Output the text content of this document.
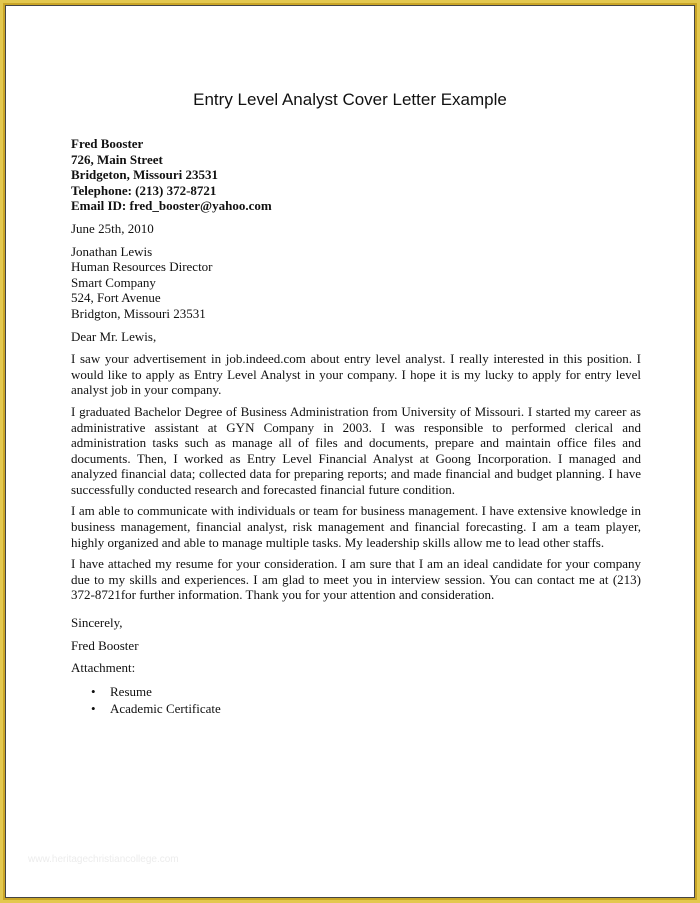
Entry Level Analyst Cover Letter Example
Fred Booster
726, Main Street
Bridgeton, Missouri 23531
Telephone: (213) 372-8721
Email ID: fred_booster@yahoo.com
June 25th, 2010
Jonathan Lewis
Human Resources Director
Smart Company
524, Fort Avenue
Bridgton, Missouri 23531
Dear Mr. Lewis,

I saw your advertisement in job.indeed.com about entry level analyst. I really interested in this position. I would like to apply as Entry Level Analyst in your company. I hope it is my lucky to apply for entry level analyst job in your company.

I graduated Bachelor Degree of Business Administration from University of Missouri. I started my career as administrative assistant at GYN Company in 2003. I was responsible to performed clerical and administration tasks such as manage all of files and documents, prepare and maintain office files and documents. Then, I worked as Entry Level Financial Analyst at Goong Incorporation. I managed and analyzed financial data; collected data for preparing reports; and made financial and budget planning. I have successfully conducted research and forecasted financial future condition.

I am able to communicate with individuals or team for business management. I have extensive knowledge in business management, financial analyst, risk management and financial forecasting. I am a team player, highly organized and able to manage multiple tasks. My leadership skills allow me to lead other staffs.

I have attached my resume for your consideration. I am sure that I am an ideal candidate for your company due to my skills and experiences. I am glad to meet you in interview session. You can contact me at (213) 372-8721for further information. Thank you for your attention and consideration.

Sincerely,
Fred Booster
Attachment:
• Resume
• Academic Certificate
www.heritagechristiancollege.com
